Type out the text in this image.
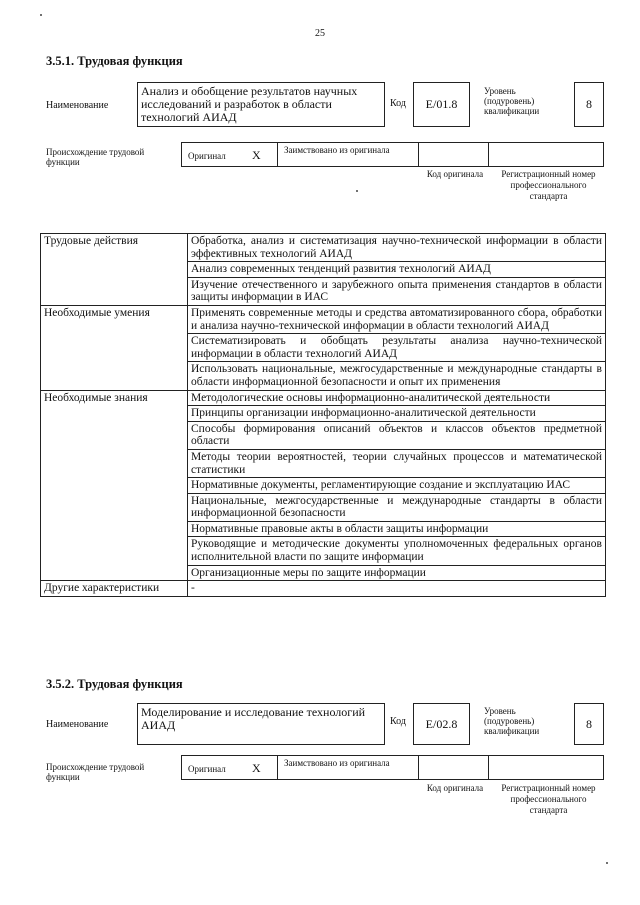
25
3.5.1. Трудовая функция
Наименование
Анализ и обобщение результатов научных исследований и разработок в области технологий АИАД
Код	E/01.8
Уровень (подуровень) квалификации	8
Происхождение трудовой функции
Оригинал X	Заимствовано из оригинала
Код оригинала	Регистрационный номер профессионального стандарта
Трудовые действия	Обработка, анализ и систематизация научно-технической информации в области эффективных технологий АИАД
	Анализ современных тенденций развития технологий АИАД
	Изучение отечественного и зарубежного опыта применения стандартов в области защиты информации в ИАС
Необходимые умения	Применять современные методы и средства автоматизированного сбора, обработки и анализа научно-технической информации в области технологий АИАД
	Систематизировать и обобщать результаты анализа научно-технической информации в области технологий АИАД
	Использовать национальные, межгосударственные и международные стандарты в области информационной безопасности и опыт их применения
Необходимые знания	Методологические основы информационно-аналитической деятельности
	Принципы организации информационно-аналитической деятельности
	Способы формирования описаний объектов и классов объектов предметной области
	Методы теории вероятностей, теории случайных процессов и математической статистики
	Нормативные документы, регламентирующие создание и эксплуатацию ИАС
	Национальные, межгосударственные и международные стандарты в области информационной безопасности
	Нормативные правовые акты в области защиты информации
	Руководящие и методические документы уполномоченных федеральных органов исполнительной власти по защите информации
	Организационные меры по защите информации
Другие характеристики	-
3.5.2. Трудовая функция
Наименование
Моделирование и исследование технологий АИАД	Код	E/02.8
Уровень (подуровень) квалификации
8
Происхождение трудовой функции
Оригинал X	Заимствовано из оригинала
Код оригинала	Регистрационный номер профессионального стандарта
